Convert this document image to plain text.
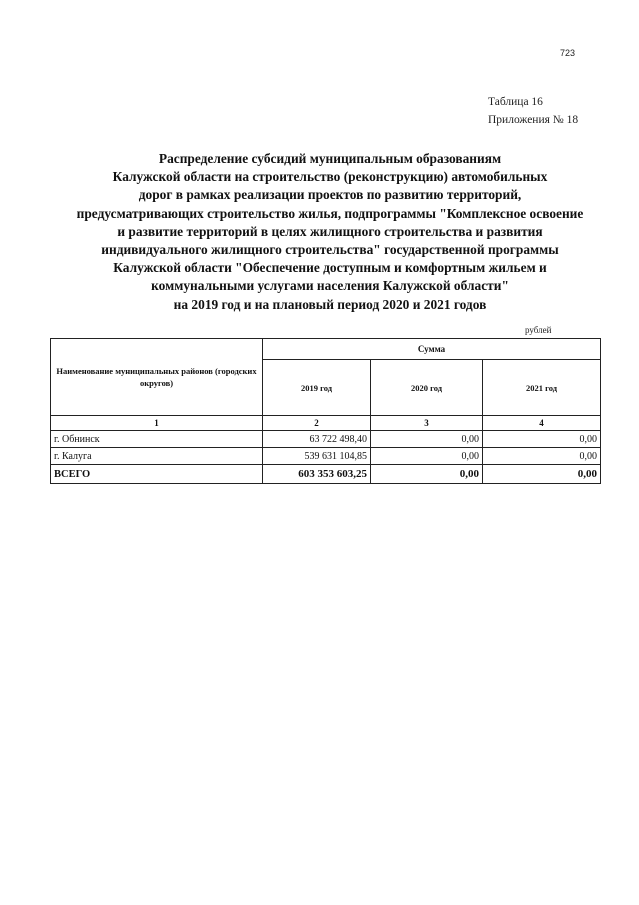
723
Таблица 16
Приложения № 18
Распределение субсидий муниципальным образованиям
Калужской области на строительство (реконструкцию) автомобильных
дорог в рамках реализации проектов по развитию территорий,
предусматривающих строительство жилья, подпрограммы "Комплексное освоение
и развитие территорий в целях жилищного строительства и развития
индивидуального жилищного строительства" государственной программы
Калужской области "Обеспечение доступным и комфортным жильем и
коммунальными услугами населения Калужской области"
на 2019 год и на плановый период 2020 и 2021 годов
рублей
Наименование муниципальных районов (городских округов)	Сумма		
	2019 год	2020 год	2021 год
1	2	3	4
г. Обнинск	63 722 498,40	0,00	0,00
г. Калуга	539 631 104,85	0,00	0,00
ВСЕГО	603 353 603,25	0,00	0,00
